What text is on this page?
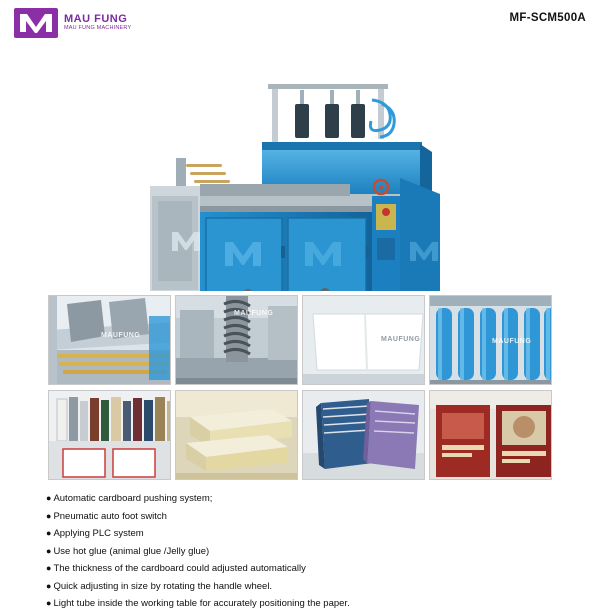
MAU FUNG
MAU FUNG MACHINERY
MF-SCM500A
MAUFUNG
MAUFUNG
MAUFUNG	MAUFUNG
● Automatic cardboard pushing system;
● Pneumatic auto foot switch
● Applying PLC system
● Use hot glue (animal glue /Jelly glue)
● The thickness of the cardboard could adjusted automatically
● Quick adjusting in size by rotating the handle wheel.
● Light tube inside the working table for accurately positioning the paper.
